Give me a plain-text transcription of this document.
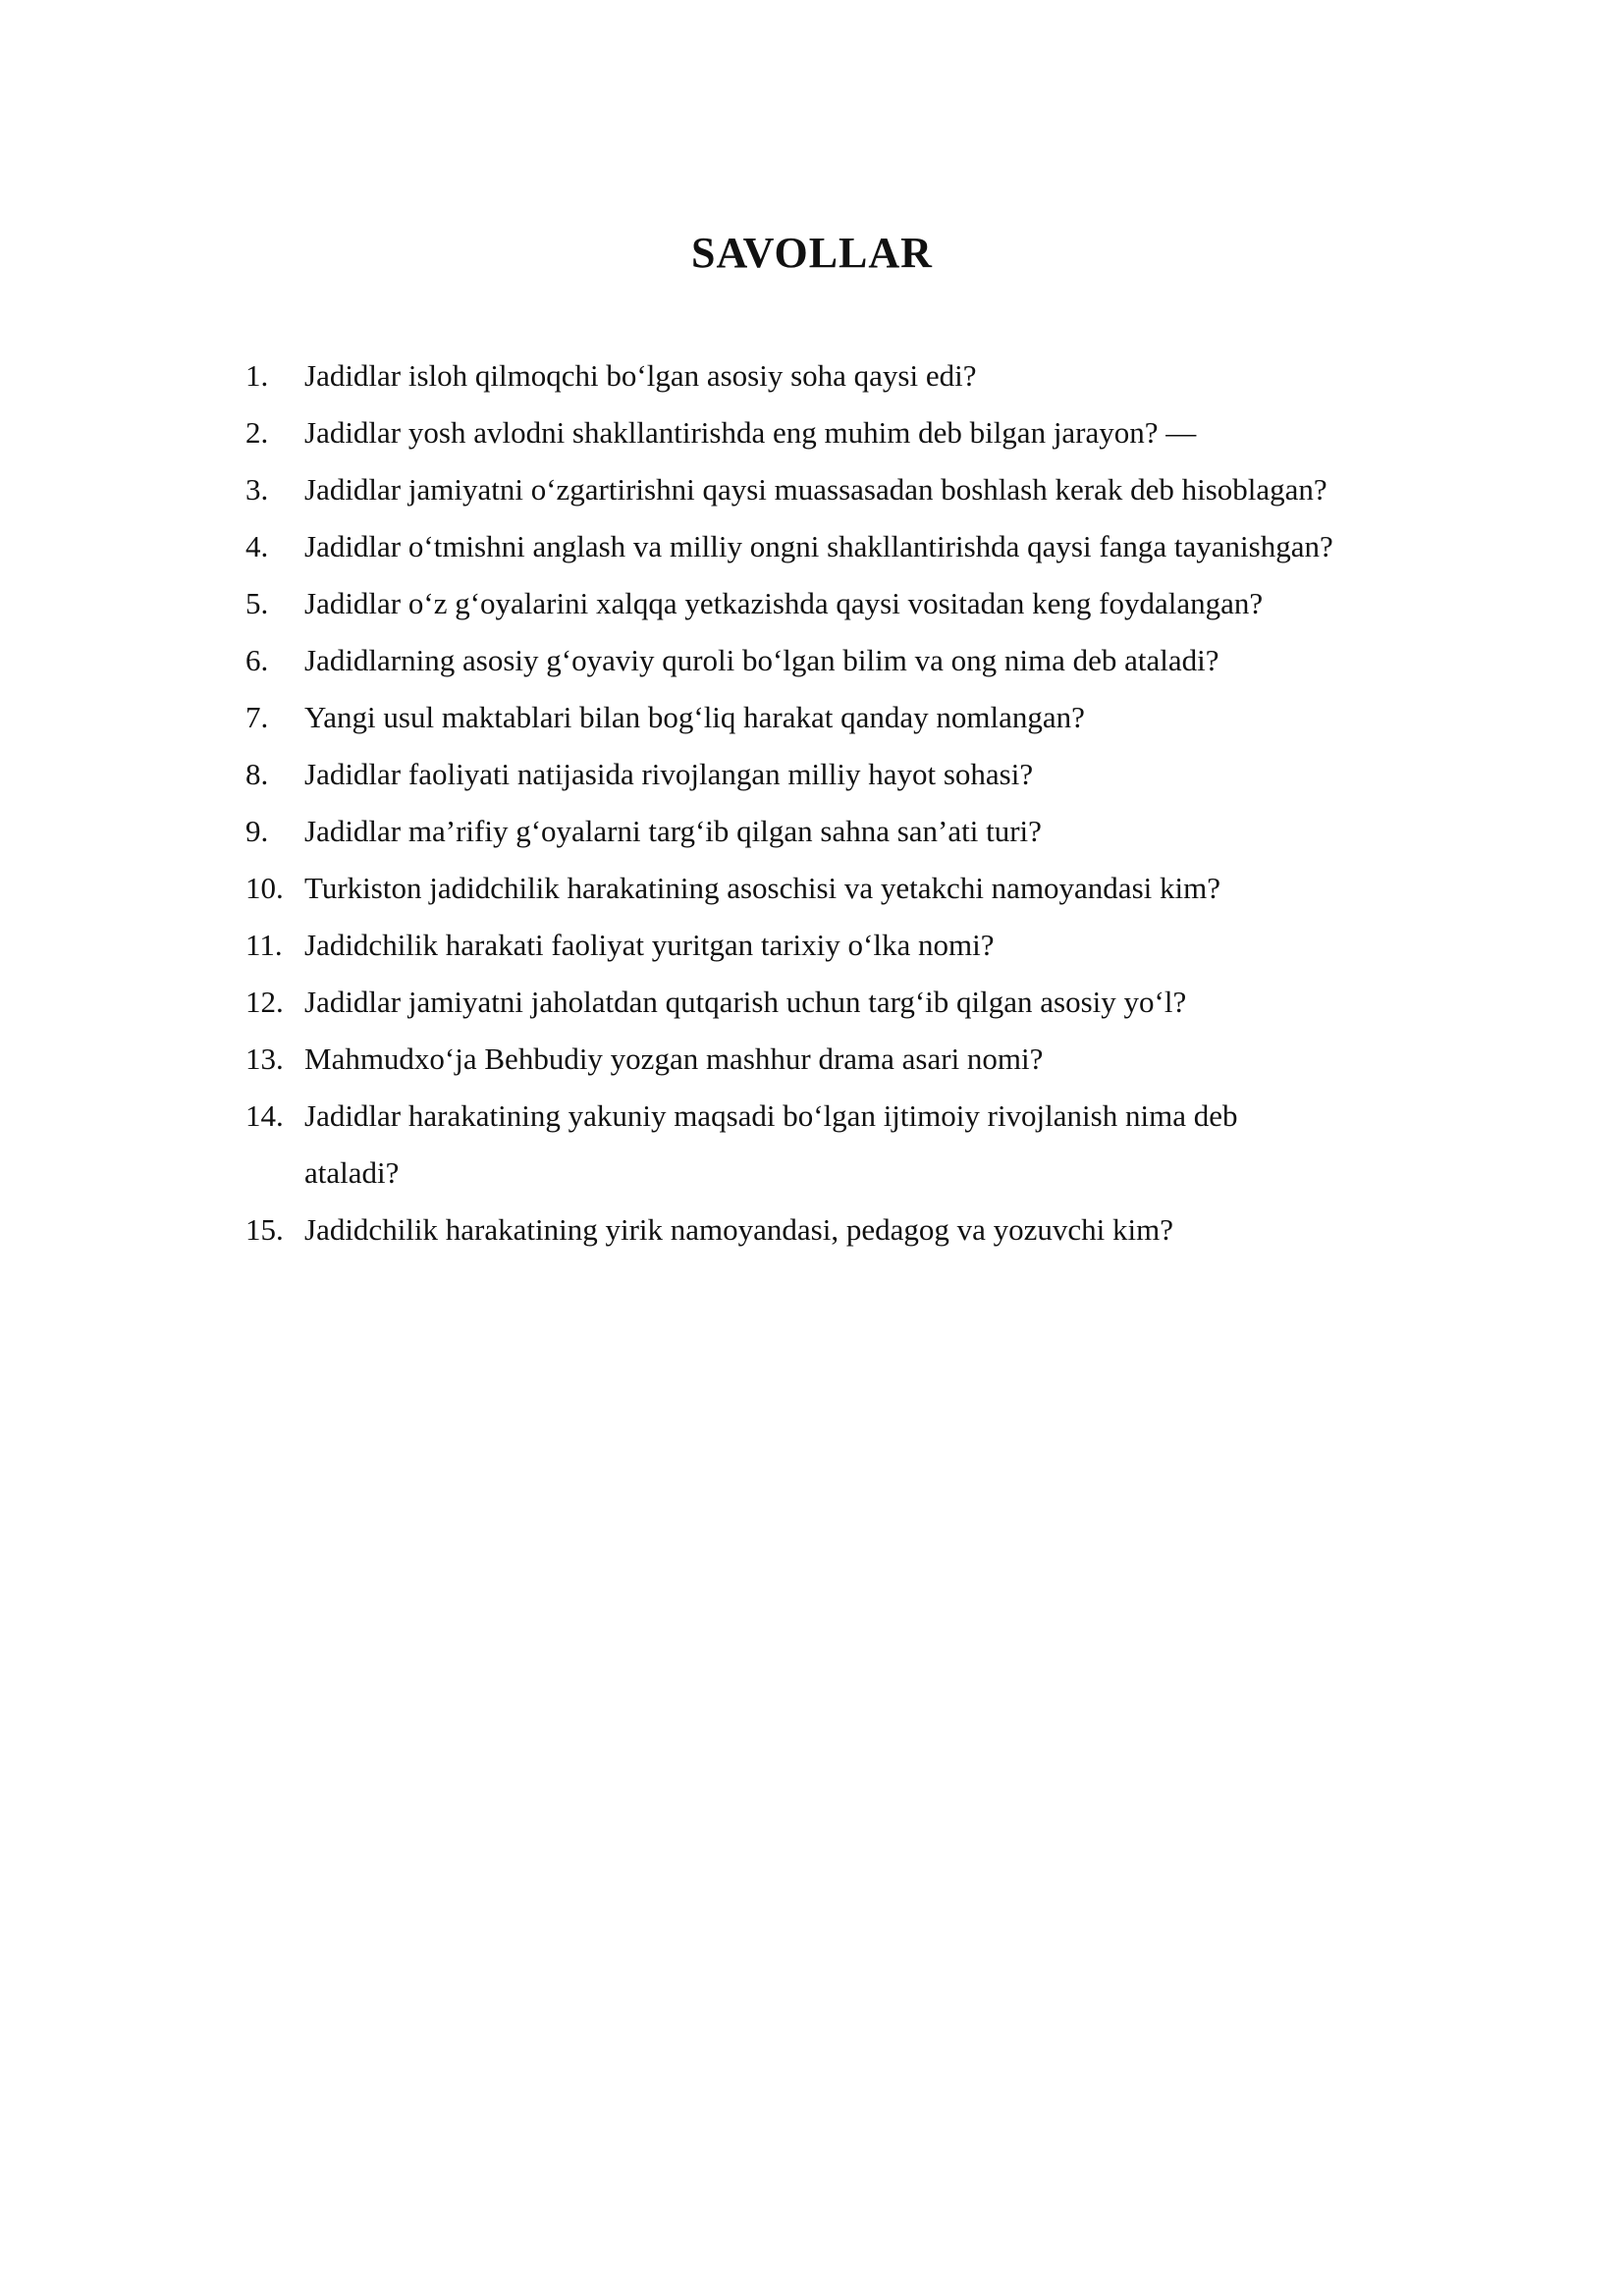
SAVOLLAR
1.	Jadidlar isloh qilmoqchi bo‘lgan asosiy soha qaysi edi?
2.	Jadidlar yosh avlodni shakllantirishda eng muhim deb bilgan jarayon? —
3.	Jadidlar jamiyatni o‘zgartirishni qaysi muassasadan boshlash kerak deb hisoblagan?
4.	Jadidlar o‘tmishni anglash va milliy ongni shakllantirishda qaysi fanga tayanishgan?
5.	Jadidlar o‘z g‘oyalarini xalqqa yetkazishda qaysi vositadan keng foydalangan?
6.	Jadidlarning asosiy g‘oyaviy quroli bo‘lgan bilim va ong nima deb ataladi?
7.	Yangi usul maktablari bilan bog‘liq harakat qanday nomlangan?
8.	Jadidlar faoliyati natijasida rivojlangan milliy hayot sohasi?
9.	Jadidlar ma’rifiy g‘oyalarni targ‘ib qilgan sahna san’ati turi?
10. Turkiston jadidchilik harakatining asoschisi va yetakchi namoyandasi kim?
11. Jadidchilik harakati faoliyat yuritgan tarixiy o‘lka nomi?
12. Jadidlar jamiyatni jaholatdan qutqarish uchun targ‘ib qilgan asosiy yo‘l?
13. Mahmudxo‘ja Behbudiy yozgan mashhur drama asari nomi?
14. Jadidlar harakatining yakuniy maqsadi bo‘lgan ijtimoiy rivojlanish nima deb ataladi?
15. Jadidchilik harakatining yirik namoyandasi, pedagog va yozuvchi kim?
